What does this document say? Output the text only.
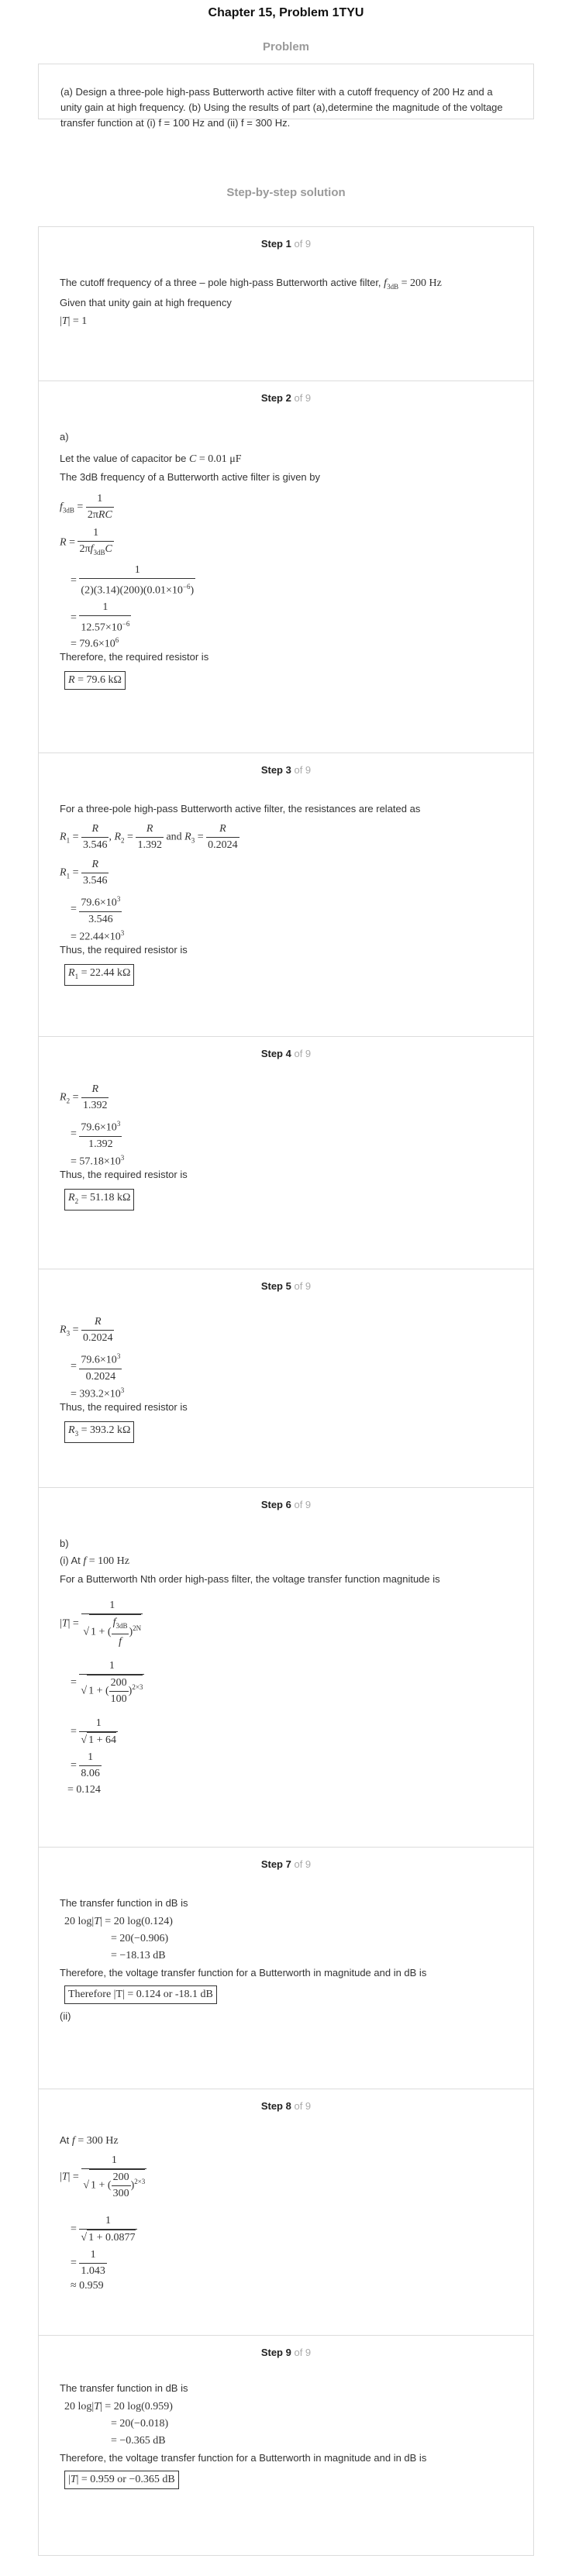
Chapter 15, Problem 1TYU
Problem
(a) Design a three-pole high-pass Butterworth active filter with a cutoff frequency of 200 Hz and a unity gain at high frequency. (b) Using the results of part (a),determine the magnitude of the voltage transfer function at (i) f = 100 Hz and (ii) f = 300 Hz.
Step-by-step solution
Step 1 of 9
The cutoff frequency of a three – pole high-pass Butterworth active filter, $f_{3dB} = 200$ Hz
Given that unity gain at high frequency
|T| = 1
Step 2 of 9
a)
Let the value of capacitor be C = 0.01 μF
The 3dB frequency of a Butterworth active filter is given by
$f_{3dB} = \frac{1}{\text{2πRC}}$
$R = \frac{1}{2\pi f_{3dB}C}$
= $\frac{1}{(2)(3.14)(200)(0.01\times 10^{-6})}$
= $\frac{1}{12.57\times 10^{-6}}$
= $79.6\times 10^6$
Therefore, the required resistor is
R = 79.6 kΩ
Step 3 of 9
For a three-pole high-pass Butterworth active filter, the resistances are related as
$R_1 = \frac{R}{3.546}$ , $R_2 = \frac{R}{1.392}$ and $R_3 = \frac{R}{0.2024}$
$R_1 = \frac{R}{3.546}$
= $\frac{79.6\times 10^3}{3.546}$
= $22.44\times 10^3$
Thus, the required resistor is
$R_1 = 22.44$ kΩ
Step 4 of 9
$R_2 = \frac{R}{1.392}$
= $\frac{79.6\times 10^3}{1.392}$
= $57.18\times 10^3$
Thus, the required resistor is
$R_2 = 51.18$ kΩ
Step 5 of 9
$R_3 = \frac{R}{0.2024}$
= $\frac{79.6\times 10^3}{0.2024}$
= $393.2\times 10^3$
Thus, the required resistor is
$R_3 = 393.2$ kΩ
Step 6 of 9
b)
(i) At f = 100 Hz
For a Butterworth Nth order high-pass filter, the voltage transfer function magnitude is
$|T| = \frac{1}{√ 1 + ( \frac{f_{3dB}}{f} )^{2N}}$
= $\frac{1}{√ 1 + ( \frac{200}{100} )^{2\times 3}}$
= $\frac{1}{√ 1 + 64}$
= $\frac{1}{8.06}$
= 0.124
Step 7 of 9
The transfer function in dB is
20 log|T| = 20 log(0.124)
= 20(−0.906)
= −18.13 dB
Therefore, the voltage transfer function for a Butterworth in magnitude and in dB is
Therefore |T| = 0.124 or -18.1 dB
(ii)
Step 8 of 9
At f = 300 Hz
$|T| = \frac{1}{√ 1 + ( \frac{200}{300} )^{2\times 3}}$
= $\frac{1}{√ 1 + 0.0877}$
= $\frac{1}{1.043}$
≈ 0.959
Step 9 of 9
The transfer function in dB is
20 log|T| = 20 log(0.959)
= 20(−0.018)
= −0.365 dB
Therefore, the voltage transfer function for a Butterworth in magnitude and in dB is
|T| = 0.959 or −0.365 dB
